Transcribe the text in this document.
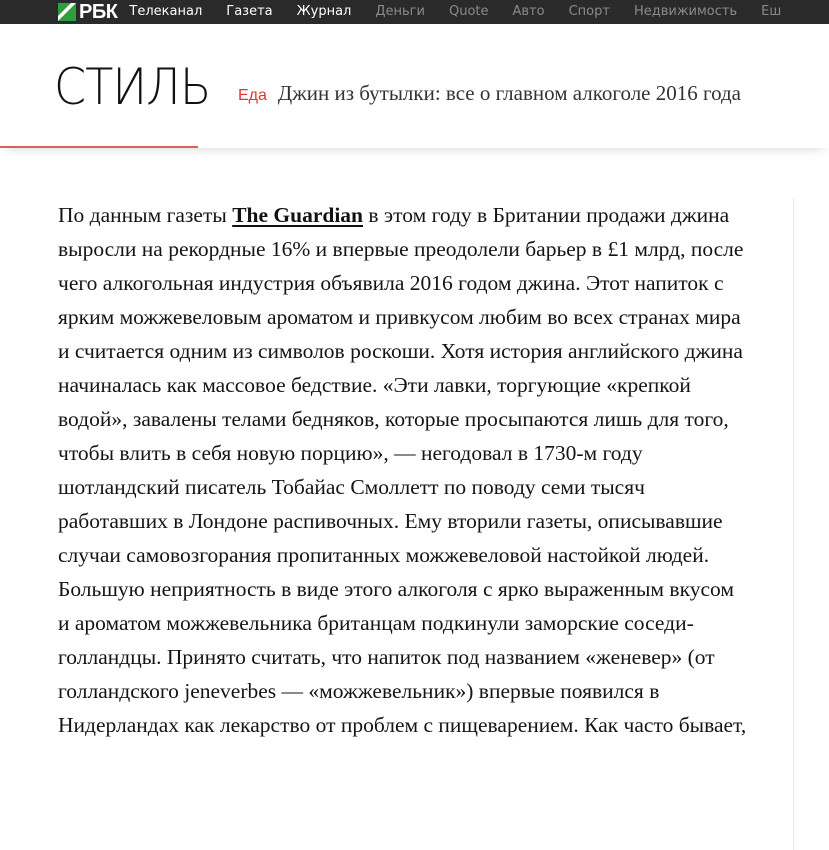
РБК Телеканал Газета Журнал Деньги Quote Авто Спорт Недвижимость Еш
СТИЛЬ Еда Джин из бутылки: все о главном алкоголе 2016 года

По данным газеты The Guardian в этом году в Британии продажи джина выросли на рекордные 16% и впервые преодолели барьер в £1 млрд, после чего алкогольная индустрия объявила 2016 годом джина. Этот напиток с ярким можжевеловым ароматом и привкусом любим во всех странах мира и считается одним из символов роскоши. Хотя история английского джина начиналась как массовое бедствие. «Эти лавки, торгующие «крепкой водой», завалены телами бедняков, которые просыпаются лишь для того, чтобы влить в себя новую порцию», — негодовал в 1730-м году шотландский писатель Тобайас Смоллетт по поводу семи тысяч работавших в Лондоне распивочных. Ему вторили газеты, описывавшие случаи самовозгорания пропитанных можжевеловой настойкой людей. Большую неприятность в виде этого алкоголя с ярко выраженным вкусом и ароматом можжевельника британцам подкинули заморские соседи-голландцы. Принято считать, что напиток под названием «женевер» (от голландского jeneverbes — «можжевельник») впервые появился в Нидерландах как лекарство от проблем с пищеварением. Как часто бывает,
